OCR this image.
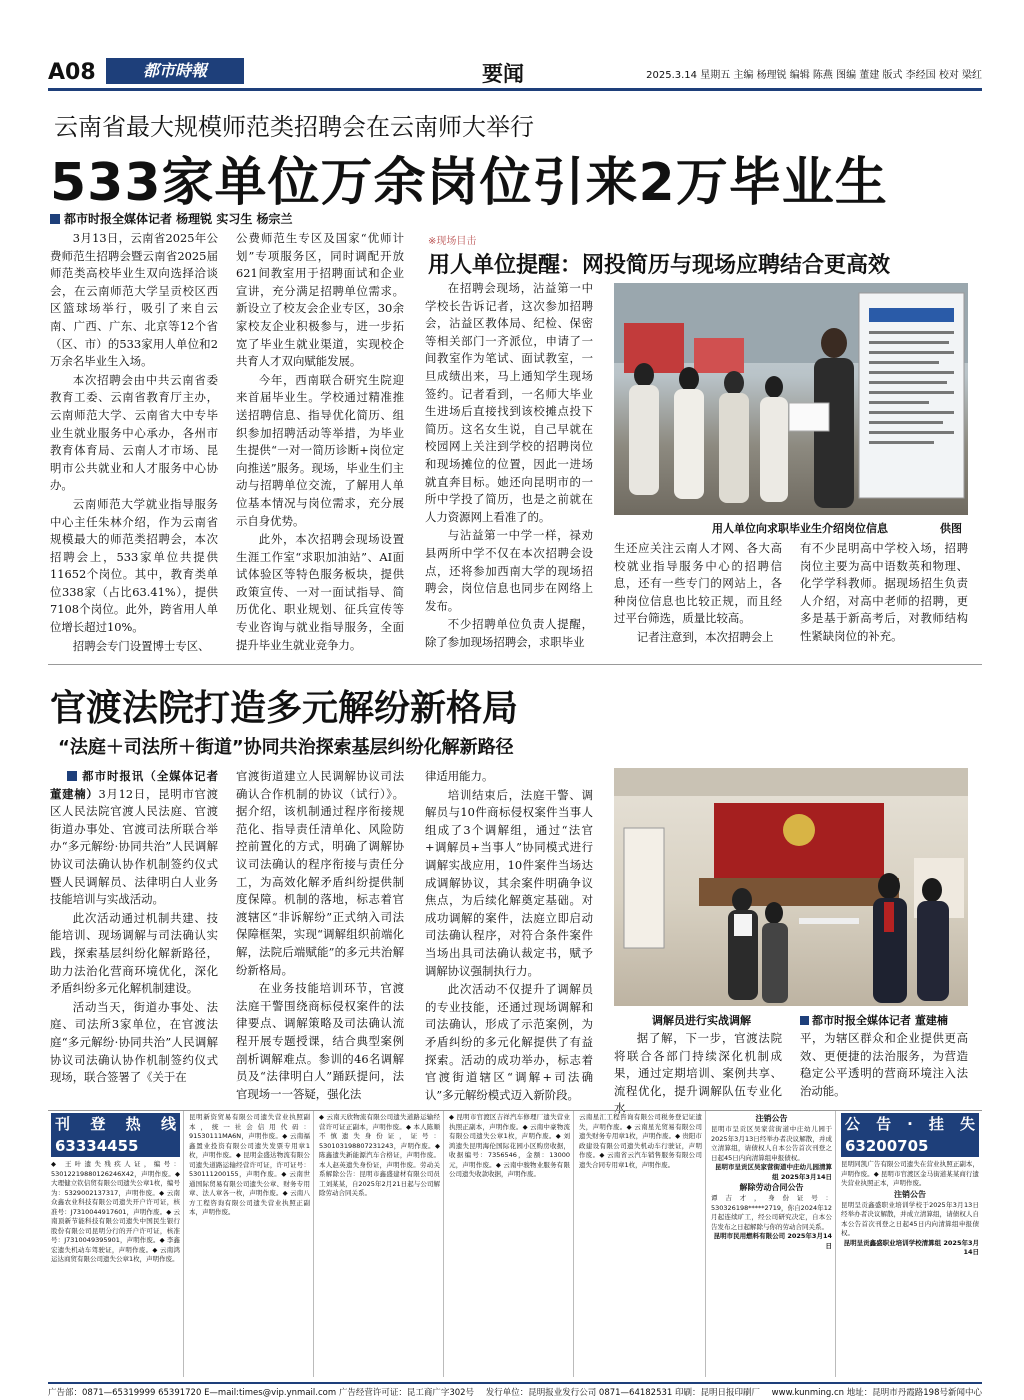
A08	都市時報	要闻	2025.3.14 星期五 主编 杨理锐 编辑 陈燕 图编 董建 版式 李经国 校对 梁红
云南省最大规模师范类招聘会在云南师大举行
533家单位万余岗位引来2万毕业生
都市时报全媒体记者 杨理锐 实习生 杨宗兰

3月13日，云南省2025年公费师范生招聘会暨云南省2025届师范类高校毕业生双向选择洽谈会，在云南师范大学呈贡校区西区篮球场举行，吸引了来自云南、广西、广东、北京等12个省（区、市）的533家用人单位和2万余名毕业生入场。

本次招聘会由中共云南省委教育工委、云南省教育厅主办，云南师范大学、云南省大中专毕业生就业服务中心承办，各州市教育体育局、云南人才市场、昆明市公共就业和人才服务中心协办。

云南师范大学就业指导服务中心主任朱林介绍，作为云南省规模最大的师范类招聘会，本次招聘会上，533家单位共提供11652个岗位。其中，教育类单位338家（占比63.41%），提供7108个岗位。此外，跨省用人单位增长超过10%。

招聘会专门设置博士专区、

公费师范生专区及国家“优师计划”专项服务区，同时调配开放621间教室用于招聘面试和企业宣讲，充分满足招聘单位需求。新设立了校友会企业专区，30余家校友企业积极参与，进一步拓宽了毕业生就业渠道，实现校企共育人才双向赋能发展。

今年，西南联合研究生院迎来首届毕业生。学校通过精准推送招聘信息、指导优化简历、组织参加招聘活动等举措，为毕业生提供“一对一简历诊断+岗位定向推送”服务。现场，毕业生们主动与招聘单位交流，了解用人单位基本情况与岗位需求，充分展示自身优势。

此外，本次招聘会现场设置生涯工作室“求职加油站”、AI面试体验区等特色服务板块，提供政策宣传、一对一面试指导、简历优化、职业规划、征兵宣传等专业咨询与就业指导服务，全面提升毕业生就业竞争力。

※现场目击
用人单位提醒：网投简历与现场应聘结合更高效

在招聘会现场，沾益第一中学校长告诉记者，这次参加招聘会，沾益区教体局、纪检、保密等相关部门一齐派位，申请了一间教室作为笔试、面试教室，一旦成绩出来，马上通知学生现场签约。记者看到，一名师大毕业生进场后直接找到该校摊点投下简历。这名女生说，自己早就在校园网上关注到学校的招聘岗位和现场摊位的位置，因此一进场就直奔目标。她还向昆明市的一所中学投了简历，也是之前就在人力资源网上看准了的。

与沾益第一中学一样，禄劝县两所中学不仅在本次招聘会设点，还将参加西南大学的现场招聘会，岗位信息也同步在网络上发布。

不少招聘单位负责人提醒，除了参加现场招聘会，求职毕业

用人单位向求职毕业生介绍岗位信息	供图

生还应关注云南人才网、各大高校就业指导服务中心的招聘信息，还有一些专门的网站上，各种岗位信息也比较正规，而且经过平台筛选，质量比较高。

记者注意到，本次招聘会上

有不少昆明高中学校入场，招聘岗位主要为高中语数英和物理、化学学科教师。据现场招生负责人介绍，对高中老师的招聘，更多是基于新高考后，对教师结构性紧缺岗位的补充。

官渡法院打造多元解纷新格局
“法庭＋司法所＋街道”协同共治探索基层纠纷化解新路径

都市时报讯（全媒体记者 董建楠）3月12日，昆明市官渡区人民法院官渡人民法庭、官渡街道办事处、官渡司法所联合举办“多元解纷·协同共治”人民调解协议司法确认协作机制签约仪式暨人民调解员、法律明白人业务技能培训与实战活动。

此次活动通过机制共建、技能培训、现场调解与司法确认实践，探索基层纠纷化解新路径，助力法治化营商环境优化，深化矛盾纠纷多元化解机制建设。

活动当天，街道办事处、法庭、司法所3家单位，在官渡法庭“多元解纷·协同共治”人民调解协议司法确认协作机制签约仪式现场，联合签署了《关于在

官渡街道建立人民调解协议司法确认合作机制的协议（试行）》。据介绍，该机制通过程序衔接规范化、指导责任清单化、风险防控前置化的方式，明确了调解协议司法确认的程序衔接与责任分工，为高效化解矛盾纠纷提供制度保障。机制的落地，标志着官渡辖区“非诉解纷”正式纳入司法保障框架，实现“调解组织前端化解，法院后端赋能”的多元共治解纷新格局。

在业务技能培训环节，官渡法庭干警围绕商标侵权案件的法律要点、调解策略及司法确认流程开展专题授课，结合典型案例剖析调解难点。参训的46名调解员及“法律明白人”踊跃提问，法官现场一一答疑，强化法

律适用能力。

培训结束后，法庭干警、调解员与10件商标侵权案件当事人组成了3个调解组，通过“法官+调解员+当事人”协同模式进行调解实战应用，10件案件当场达成调解协议，其余案件明确争议焦点，为后续化解奠定基础。对成功调解的案件，法庭立即启动司法确认程序，对符合条件案件当场出具司法确认裁定书，赋予调解协议强制执行力。

此次活动不仅提升了调解员的专业技能，还通过现场调解和司法确认，形成了示范案例，为矛盾纠纷的多元化解提供了有益探索。活动的成功举办，标志着官渡街道辖区“调解+司法确认”多元解纷模式迈入新阶段。

调解员进行实战调解	都市时报全媒体记者 董建楠

据了解，下一步，官渡法院将联合各部门持续深化机制成果，通过定期培训、案例共享、流程优化，提升调解队伍专业化水

平，为辖区群众和企业提供更高效、更便捷的法治服务，为营造稳定公平透明的营商环境注入法治动能。

刊登热线 63334455
◆ 王叶遗失残疾人证，编号：53012219880126246X42，声明作废。◆ 大理健立钦信贸有限公司遗失公章1枚，编号为：5329002137317，声明作废。◆ 云南众鑫农业科技有限公司遗失开户许可证，核准号：J7310044917601，声明作废。◆ 云南顶新节能科技有限公司遗失中国民生银行股份有限公司昆明分行的开户许可证，核准号：J7310049395901，声明作废。◆ 李鑫宏遗失机动车驾驶证，声明作废。◆ 云南鸿运达商贸有限公司遗失公章1枚，声明作废。
昆明新资贸易有限公司遗失营业执照副本，统一社会信用代码：91530111MA6N，声明作废。◆ 云南福鑫置业投资有限公司遗失发票专用章1枚，声明作废。◆ 昆明金盛达物流有限公司遗失道路运输经营许可证，许可证号：530111200155，声明作废。◆ 云南世通国际贸易有限公司遗失公章、财务专用章、法人章各一枚，声明作废。◆ 云南八方工程咨询有限公司遗失营业执照正副本，声明作废。
◆ 云南天欣物流有限公司遗失道路运输经营许可证正副本，声明作废。◆ 本人陈顺不慎遗失身份证，证号：530103198807231243，声明作废。◆ 陈鑫遗失新能源汽车合格证，声明作废。本人赵英遗失身份证，声明作废。劳动关系解除公告：昆明市鑫盛建材有限公司员工刘某某，自2025年2月21日起与公司解除劳动合同关系。
◆ 昆明市官渡区吉祥汽车修理厂遗失营业执照正副本，声明作废。◆ 云南中豪物流有限公司遗失公章1枚，声明作废。◆ 刘鸿遗失昆明海伦国际花园小区购房收据，收据编号：7356546，金额：13000元，声明作废。◆ 云南中骏物业服务有限公司遗失收款收据，声明作废。
云南星汇工程咨询有限公司税务登记证遗失，声明作废。◆ 云南星光贸易有限公司遗失财务专用章1枚，声明作废。◆ 贵阳市政建设有限公司遗失机动车行驶证，声明作废。◆ 云南省云汽车销售服务有限公司遗失合同专用章1枚，声明作废。
注销公告
昆明市呈贡区吴家营街道中庄幼儿园于2025年3月13日经举办者决议解散，并成立清算组，请债权人自本公告首次刊登之日起45日内向清算组申报债权。
昆明市呈贡区吴家营街道中庄幼儿园清算组 2025年3月14日
解除劳动合同公告
谭吉才，身份证号：530326198*****2719，你自2024年12月起连续旷工，经公司研究决定，自本公告发布之日起解除与你的劳动合同关系。
昆明市民用燃料有限公司 2025年3月14日
公告·挂失 63200705
昆明同凯广告有限公司遗失在营业执照正副本，声明作废。◆ 昆明市官渡区金马街道某某商行遗失营业执照正本，声明作废。
注销公告
昆明呈贡鑫盛职业培训学校于2025年3月13日经举办者决议解散，并成立清算组，请债权人自本公告首次刊登之日起45日内向清算组申报债权。
昆明呈贡鑫盛职业培训学校清算组 2025年3月14日
广告部：0871—65319999 65391720 E—mail:times@vip.ynmail.com 广告经营许可证：昆工商广字302号 发行单位：昆明报业发行公司 0871—64182531 印刷：昆明日报印刷厂 www.kunming.cn 地址：昆明市丹霞路198号新闻中心
